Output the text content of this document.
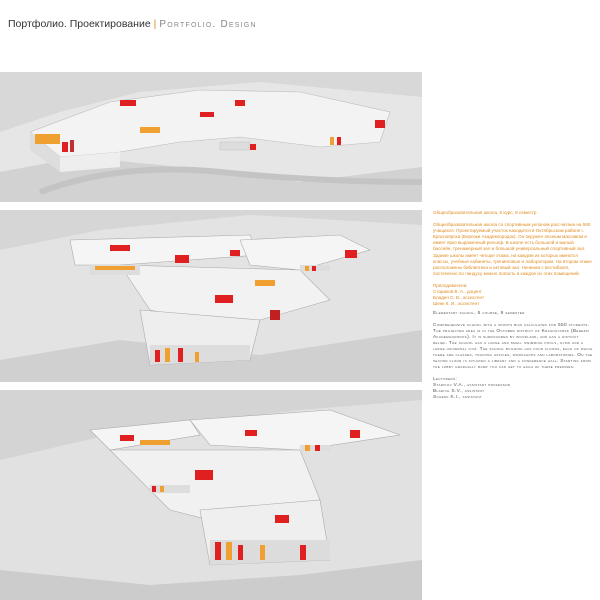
Портфолио. Проектирование | Portfolio. Design

Общеобразовательная школа, 5 курс, 9 семестр

Общеобразовательная школа со спортивным уклоном рассчитана на 550 учащихся. Проектируемый участок находится в Октябрьском районе г. Красноярска (Березки Академгородок). Он окружен лесным массивом и имеет ярко выраженный рельеф. В школе есть большой и малый бассейн, тренажерный зал и большой универсальный спортивный зал. Здание школы имеет четыре этажа, на каждом из которых имеются классы, учебные кабинеты, тренинговые и лаборатории. На втором этаже расположены библиотека и актовый зал. Начиная с вестибюля, постепенно по пандусу можно попасть в каждое из этих помещений.

Преподаватели:
Стариков В. А., доцент
Бладич С. В., ассистент
Шенк К. И., ассистент

Elementary school, 5 course, 9 semester

Comprehensive school with a sports bias calculated for 550 students. The projected area is in the October district of Krasnoyarsk (Berezki Akademgorodok). It is surrounded by woodland, and has a distinct relief. The school has a large and small swimming pools, gyms and a large universal gym. The school building has four floors, each of which there are classes, training offices, workshops and laboratories. On the second floor is situated a library and a conference hall. Starting from the lobby gradually ramp you can get to each of these premises.

Lecturers:
Starikov V.A., assistant professor
Bladich S.V., assistant
Schenk K.I., assistant
